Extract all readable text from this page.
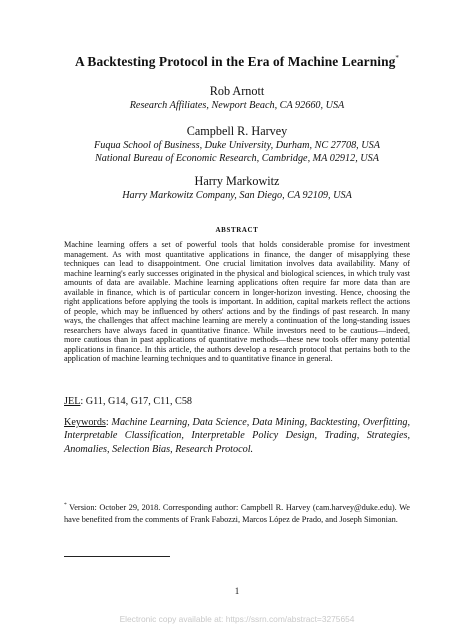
A Backtesting Protocol in the Era of Machine Learning*
Rob Arnott
Research Affiliates, Newport Beach, CA 92660, USA
Campbell R. Harvey
Fuqua School of Business, Duke University, Durham, NC 27708, USA
National Bureau of Economic Research, Cambridge, MA 02912, USA
Harry Markowitz
Harry Markowitz Company, San Diego, CA 92109, USA
ABSTRACT
Machine learning offers a set of powerful tools that holds considerable promise for investment management. As with most quantitative applications in finance, the danger of misapplying these techniques can lead to disappointment. One crucial limitation involves data availability. Many of machine learning's early successes originated in the physical and biological sciences, in which truly vast amounts of data are available. Machine learning applications often require far more data than are available in finance, which is of particular concern in longer-horizon investing. Hence, choosing the right applications before applying the tools is important. In addition, capital markets reflect the actions of people, which may be influenced by others' actions and by the findings of past research. In many ways, the challenges that affect machine learning are merely a continuation of the long-standing issues researchers have always faced in quantitative finance. While investors need to be cautious—indeed, more cautious than in past applications of quantitative methods—these new tools offer many potential applications in finance. In this article, the authors develop a research protocol that pertains both to the application of machine learning techniques and to quantitative finance in general.
JEL: G11, G14, G17, C11, C58
Keywords: Machine Learning, Data Science, Data Mining, Backtesting, Overfitting, Interpretable Classification, Interpretable Policy Design, Trading, Strategies, Anomalies, Selection Bias, Research Protocol.
* Version: October 29, 2018. Corresponding author: Campbell R. Harvey (cam.harvey@duke.edu). We have benefited from the comments of Frank Fabozzi, Marcos López de Prado, and Joseph Simonian.
1
Electronic copy available at: https://ssrn.com/abstract=3275654
